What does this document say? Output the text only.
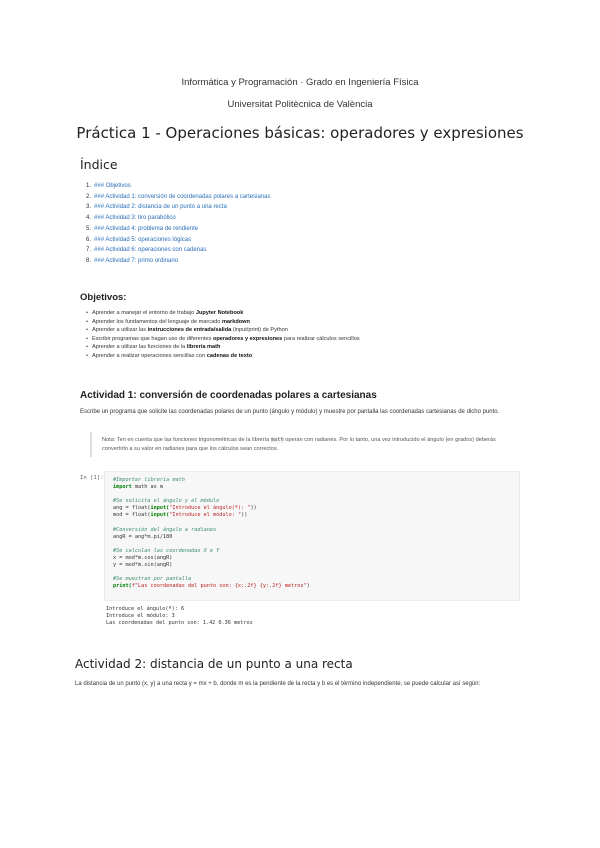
Informática y Programación · Grado en Ingeniería Física
Universitat Politècnica de València
Práctica 1 - Operaciones básicas: operadores y expresiones
Índice
1. ### Objetivos
2. ### Actividad 1: conversión de coordenadas polares a cartesianas
3. ### Actividad 2: distancia de un punto a una recta
4. ### Actividad 3: tiro parabólico
5. ### Actividad 4: problema de rendiente
6. ### Actividad 5: operaciones lógicas
7. ### Actividad 6: operaciones con cadenas
8. ### Actividad 7: primo ordinario
Objetivos:
• Aprender a manejar el entorno de trabajo Jupyter Notebook
• Aprender los fundamentos del lenguaje de marcado markdown
• Aprender a utilizar las instrucciones de entrada/salida (input/print) de Python
• Escribir programas que hagan uso de diferentes operadores y expresiones para realizar cálculos sencillos
• Aprender a utilizar las funciones de la librería math
• Aprender a realizar operaciones sencillas con cadenas de texto
Actividad 1: conversión de coordenadas polares a cartesianas

Escribe un programa que solicite las coordenadas polares de un punto (ángulo y módulo) y muestre por pantalla las coordenadas cartesianas de dicho punto.

Nota: Ten en cuenta que las funciones trigonométricas de la librería math operan con radianes. Por lo tanto, una vez introducido el ángulo (en grados) deberás convertirlo a su valor en radianes para que los cálculos sean correctos.
In [1]: #Importar librería math
import math as m

#Se solicita el ángulo y el módulo
ang = float(input("Introduce el ángulo(º): "))
mod = float(input("Introduce el módulo: "))

#Conversión del ángulo a radianes
angR = ang*m.pi/180

#Se calculan las coordenadas X e Y
x = mod*m.cos(angR)
y = mod*m.sin(angR)

#Se muestran por pantalla
print(f"Las coordenadas del punto son: {x:.2f} {y:.2f} metros")
Introduce el ángulo(º): 6
Introduce el módulo: 3
Las coordenadas del punto son: 1.42 0.36 metros
Actividad 2: distancia de un punto a una recta

La distancia de un punto (x, y) a una recta y = mx + b, donde m es la pendiente de la recta y b es el término independiente, se puede calcular así según:
